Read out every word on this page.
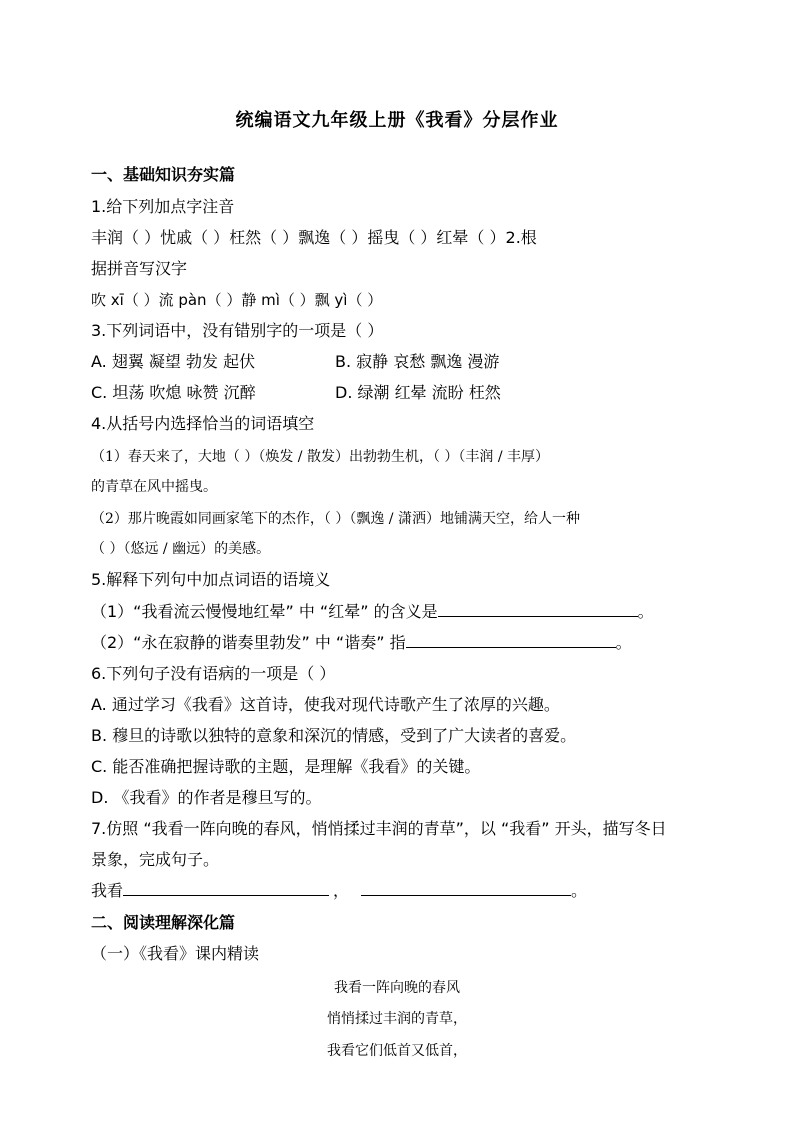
统编语文九年级上册《我看》分层作业
一、基础知识夯实篇
1.给下列加点字注音
丰润（ ）忧戚（ ）枉然（ ）飘逸（ ）摇曳（ ）红晕（ ）2.根
据拼音写汉字
吹 xī（ ）流 pàn（ ）静 mì（ ）飘 yì（ ）
3.下列词语中，没有错别字的一项是（ ）
A. 翅翼 凝望 勃发 起伏	B. 寂静 哀愁 飘逸 漫游
C. 坦荡 吹熄 咏赞 沉醉	D. 绿潮 红晕 流盼 枉然
4.从括号内选择恰当的词语填空
（1）春天来了，大地（ ）（焕发 / 散发）出勃勃生机，（ ）（丰润 / 丰厚）
的青草在风中摇曳。
（2）那片晚霞如同画家笔下的杰作，（ ）（飘逸 / 潇洒）地铺满天空，给人一种
（ ）（悠远 / 幽远）的美感。
5.解释下列句中加点词语的语境义
（1）“我看流云慢慢地红晕” 中 “红晕” 的含义是	。
（2）“永在寂静的谐奏里勃发” 中 “谐奏” 指	。
6.下列句子没有语病的一项是（ ）
A. 通过学习《我看》这首诗，使我对现代诗歌产生了浓厚的兴趣。
B. 穆旦的诗歌以独特的意象和深沉的情感，受到了广大读者的喜爱。
C. 能否准确把握诗歌的主题，是理解《我看》的关键。
D. 《我看》的作者是穆旦写的。
7.仿照 “我看一阵向晚的春风，悄悄揉过丰润的青草”，以 “我看” 开头，描写冬日
景象，完成句子。
我看	，	。
二、阅读理解深化篇
（一）《我看》课内精读
我看一阵向晚的春风
悄悄揉过丰润的青草，
我看它们低首又低首，
